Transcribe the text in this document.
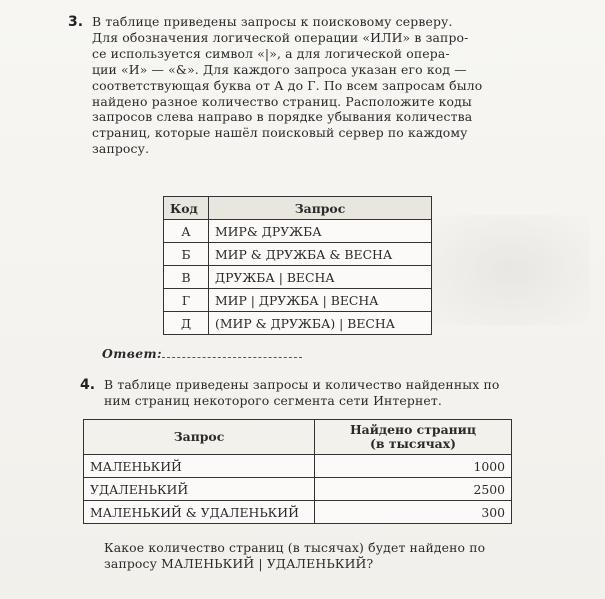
3. В таблице приведены запросы к поисковому серверу.
Для обозначения логической операции «ИЛИ» в запро-
се используется символ «|», а для логической опера-
ции «И» — «&». Для каждого запроса указан его код —
соответствующая буква от А до Г. По всем запросам было
найдено разное количество страниц. Расположите коды
запросов слева направо в порядке убывания количества
страниц, которые нашёл поисковый сервер по каждому
запросу.
Код	Запрос
А	МИР& ДРУЖБА
Б	МИР & ДРУЖБА & ВЕСНА
В	ДРУЖБА | ВЕСНА
Г	МИР | ДРУЖБА | ВЕСНА
Д	(МИР & ДРУЖБА) | ВЕСНА
Ответ:
4. В таблице приведены запросы и количество найденных по
ним страниц некоторого сегмента сети Интернет.
Запрос	Найдено страниц
(в тысячах)

МАЛЕНЬКИЙ	1000
УДАЛЕНЬКИЙ	2500
МАЛЕНЬКИЙ & УДАЛЕНЬКИЙ	300
Какое количество страниц (в тысячах) будет найдено по
запросу МАЛЕНЬКИЙ | УДАЛЕНЬКИЙ?
